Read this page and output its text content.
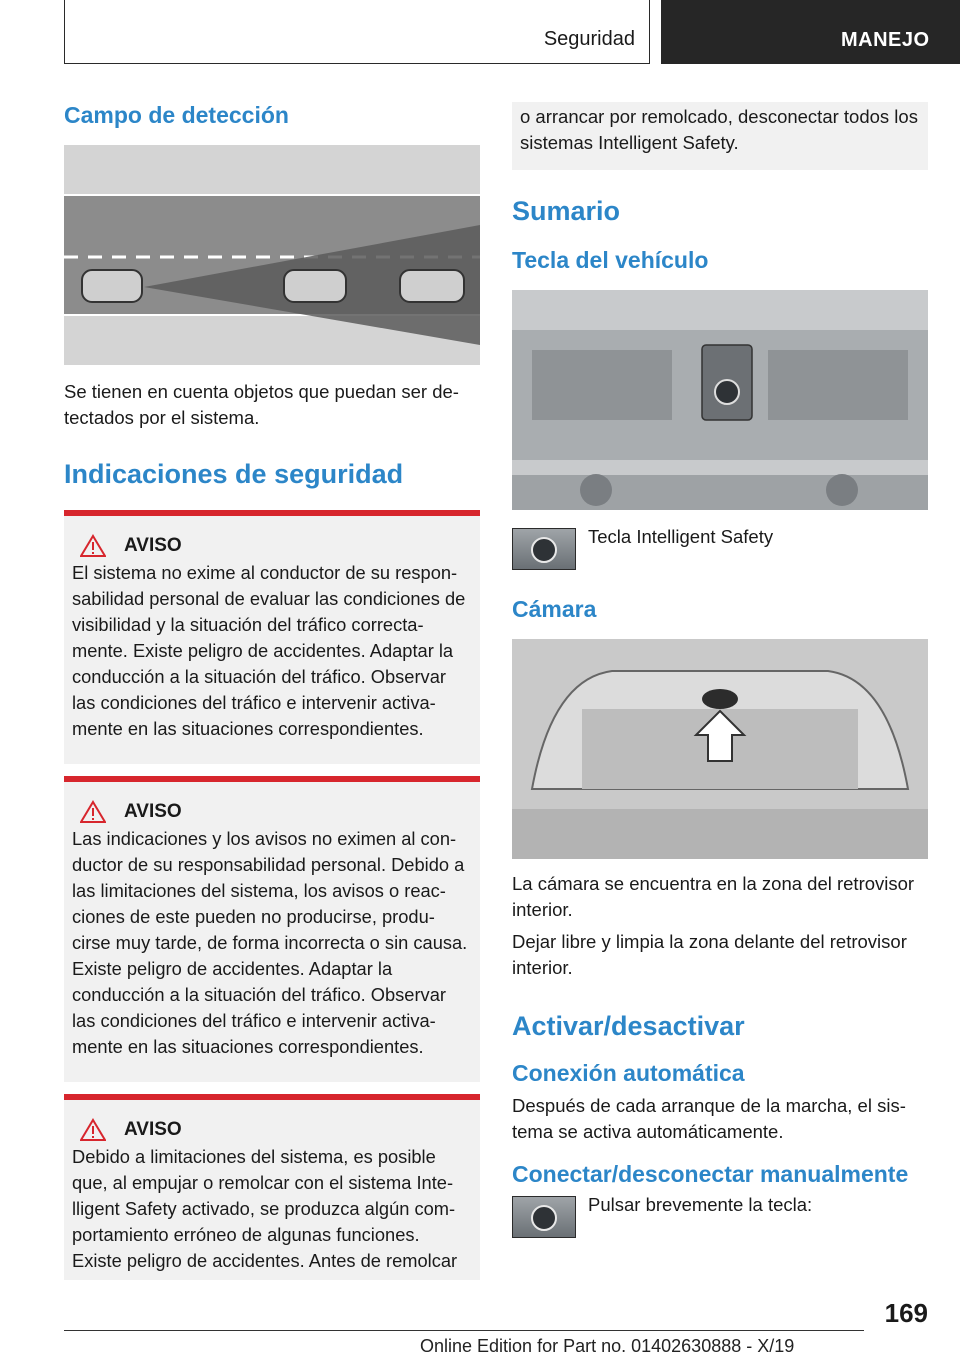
Seguridad	MANEJO
Campo de detección
Se tienen en cuenta objetos que puedan ser de‐ tectados por el sistema.
Indicaciones de seguridad
AVISO
El sistema no exime al conductor de su respon‐ sabilidad personal de evaluar las condiciones de visibilidad y la situación del tráfico correcta‐ mente. Existe peligro de accidentes. Adaptar la conducción a la situación del tráfico. Observar las condiciones del tráfico e intervenir activa‐ mente en las situaciones correspondientes.
AVISO
Las indicaciones y los avisos no eximen al con‐ ductor de su responsabilidad personal. Debido a las limitaciones del sistema, los avisos o reac‐ ciones de este pueden no producirse, produ‐ cirse muy tarde, de forma incorrecta o sin causa. Existe peligro de accidentes. Adaptar la conducción a la situación del tráfico. Observar las condiciones del tráfico e intervenir activa‐ mente en las situaciones correspondientes.
AVISO
Debido a limitaciones del sistema, es posible que, al empujar o remolcar con el sistema Inte‐ lligent Safety activado, se produzca algún com‐ portamiento erróneo de algunas funciones. Existe peligro de accidentes. Antes de remolcar
o arrancar por remolcado, desconectar todos los sistemas Intelligent Safety.
Sumario
Tecla del vehículo
Tecla Intelligent Safety
Cámara
La cámara se encuentra en la zona del retrovisor interior.
Dejar libre y limpia la zona delante del retrovisor interior.
Activar/desactivar
Conexión automática
Después de cada arranque de la marcha, el sis‐ tema se activa automáticamente.
Conectar/desconectar manualmente
Pulsar brevemente la tecla:
169
Online Edition for Part no. 01402630888 - X/19
